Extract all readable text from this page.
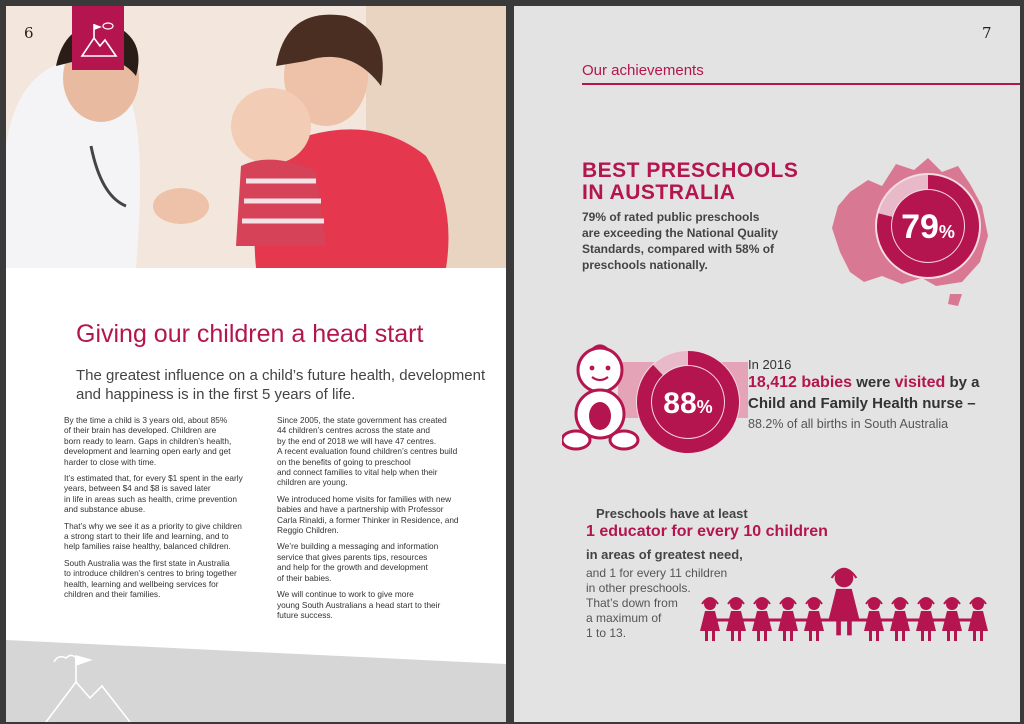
6
Giving our children a head start
The greatest influence on a child’s future health, development and happiness is in the first 5 years of life.

By the time a child is 3 years old, about 85%
of their brain has developed. Children are
born ready to learn. Gaps in children’s health,
development and learning open early and get
harder to close with time.

It’s estimated that, for every $1 spent in the early
years, between $4 and $8 is saved later
in life in areas such as health, crime prevention
and substance abuse.

That’s why we see it as a priority to give children
a strong start to their life and learning, and to
help families raise healthy, balanced children.

South Australia was the first state in Australia
to introduce children’s centres to bring together
health, learning and wellbeing services for
children and their families.

Since 2005, the state government has created
44 children’s centres across the state and
by the end of 2018 we will have 47 centres.
A recent evaluation found children’s centres build
on the benefits of going to preschool
and connect families to vital help when their
children are young.

We introduced home visits for families with new
babies and have a partnership with Professor
Carla Rinaldi, a former Thinker in Residence, and
Reggio Children.

We’re building a messaging and information
service that gives parents tips, resources
and help for the growth and development
of their babies.

We will continue to work to give more
young South Australians a head start to their
future success.

7
Our achievements
BEST PRESCHOOLS
IN AUSTRALIA
79% of rated public preschools
are exceeding the National Quality
Standards, compared with 58% of
preschools nationally.
79%
88%
In 2016
18,412 babies were visited by a
Child and Family Health nurse –
88.2% of all births in South Australia
Preschools have at least
1 educator for every 10 children
in areas of greatest need,
and 1 for every 11 children
in other preschools.
That’s down from
a maximum of
1 to 13.
